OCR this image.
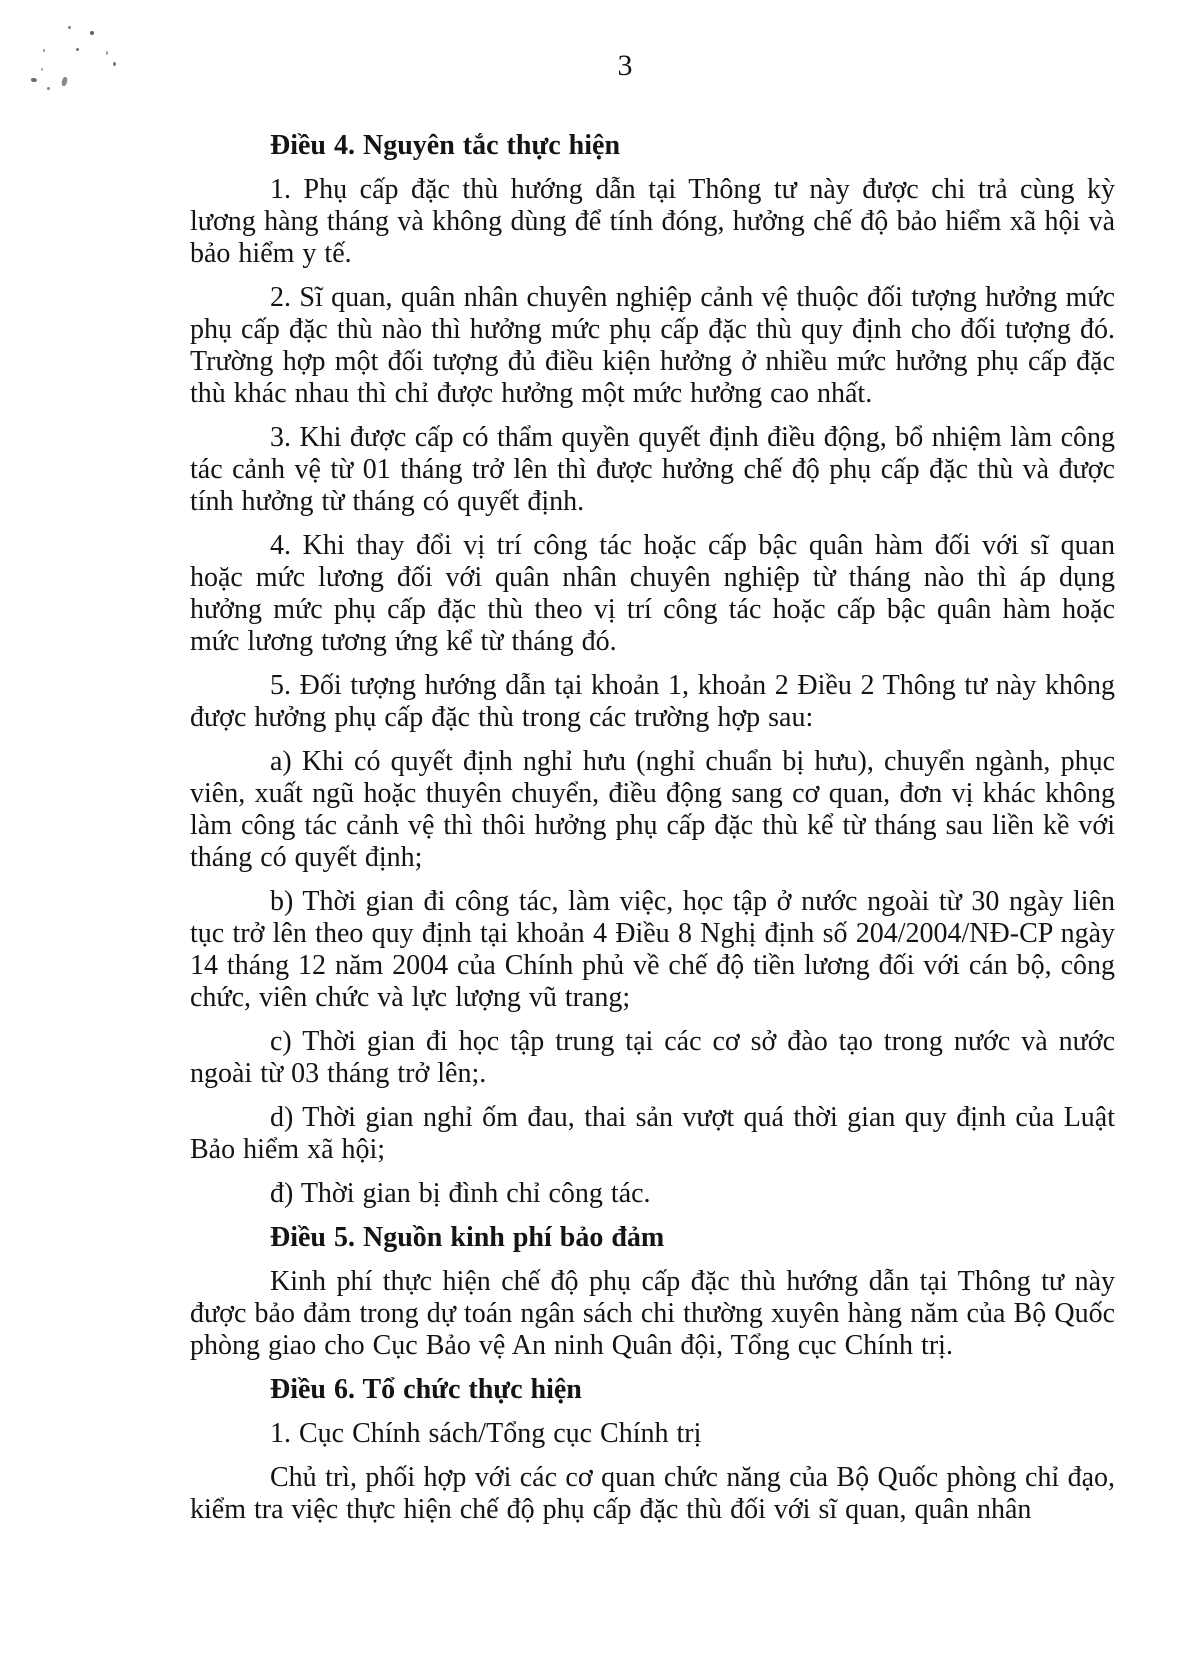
3

Điều 4. Nguyên tắc thực hiện

1. Phụ cấp đặc thù hướng dẫn tại Thông tư này được chi trả cùng kỳ lương hàng tháng và không dùng để tính đóng, hưởng chế độ bảo hiểm xã hội và bảo hiểm y tế.

2. Sĩ quan, quân nhân chuyên nghiệp cảnh vệ thuộc đối tượng hưởng mức phụ cấp đặc thù nào thì hưởng mức phụ cấp đặc thù quy định cho đối tượng đó. Trường hợp một đối tượng đủ điều kiện hưởng ở nhiều mức hưởng phụ cấp đặc thù khác nhau thì chỉ được hưởng một mức hưởng cao nhất.

3. Khi được cấp có thẩm quyền quyết định điều động, bổ nhiệm làm công tác cảnh vệ từ 01 tháng trở lên thì được hưởng chế độ phụ cấp đặc thù và được tính hưởng từ tháng có quyết định.

4. Khi thay đổi vị trí công tác hoặc cấp bậc quân hàm đối với sĩ quan hoặc mức lương đối với quân nhân chuyên nghiệp từ tháng nào thì áp dụng hưởng mức phụ cấp đặc thù theo vị trí công tác hoặc cấp bậc quân hàm hoặc mức lương tương ứng kể từ tháng đó.

5. Đối tượng hướng dẫn tại khoản 1, khoản 2 Điều 2 Thông tư này không được hưởng phụ cấp đặc thù trong các trường hợp sau:

a) Khi có quyết định nghỉ hưu (nghỉ chuẩn bị hưu), chuyển ngành, phục viên, xuất ngũ hoặc thuyên chuyển, điều động sang cơ quan, đơn vị khác không làm công tác cảnh vệ thì thôi hưởng phụ cấp đặc thù kể từ tháng sau liền kề với tháng có quyết định;

b) Thời gian đi công tác, làm việc, học tập ở nước ngoài từ 30 ngày liên tục trở lên theo quy định tại khoản 4 Điều 8 Nghị định số 204/2004/NĐ-CP ngày 14 tháng 12 năm 2004 của Chính phủ về chế độ tiền lương đối với cán bộ, công chức, viên chức và lực lượng vũ trang;

c) Thời gian đi học tập trung tại các cơ sở đào tạo trong nước và nước ngoài từ 03 tháng trở lên;.

d) Thời gian nghỉ ốm đau, thai sản vượt quá thời gian quy định của Luật Bảo hiểm xã hội;

đ) Thời gian bị đình chỉ công tác.

Điều 5. Nguồn kinh phí bảo đảm

Kinh phí thực hiện chế độ phụ cấp đặc thù hướng dẫn tại Thông tư này được bảo đảm trong dự toán ngân sách chi thường xuyên hàng năm của Bộ Quốc phòng giao cho Cục Bảo vệ An ninh Quân đội, Tổng cục Chính trị.

Điều 6. Tổ chức thực hiện

1. Cục Chính sách/Tổng cục Chính trị

Chủ trì, phối hợp với các cơ quan chức năng của Bộ Quốc phòng chỉ đạo, kiểm tra việc thực hiện chế độ phụ cấp đặc thù đối với sĩ quan, quân nhân
